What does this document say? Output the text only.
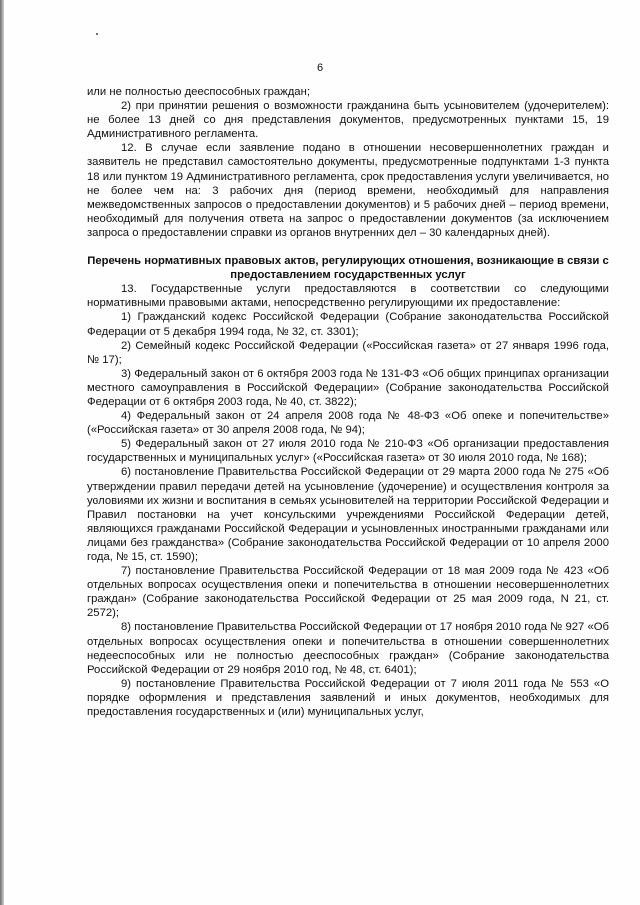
6

или не полностью дееспособных граждан;

2) при принятии решения о возможности гражданина быть усыновителем (удочерителем): не более 13 дней со дня представления документов, предусмотренных пунктами 15, 19 Административного регламента.

12. В случае если заявление подано в отношении несовершеннолетних граждан и заявитель не представил самостоятельно документы, предусмотренные подпунктами 1-3 пункта 18 или пунктом 19 Административного регламента, срок предоставления услуги увеличивается, но не более чем на: 3 рабочих дня (период времени, необходимый для направления межведомственных запросов о предоставлении документов) и 5 рабочих дней – период времени, необходимый для получения ответа на запрос о предоставлении документов (за исключением запроса о предоставлении справки из органов внутренних дел – 30 календарных дней).

Перечень нормативных правовых актов, регулирующих отношения, возникающие в связи с предоставлением государственных услуг

13. Государственные услуги предоставляются в соответствии со следующими нормативными правовыми актами, непосредственно регулирующими их предоставление:

1) Гражданский кодекс Российской Федерации (Собрание законодательства Российской Федерации от 5 декабря 1994 года, № 32, ст. 3301);

2) Семейный кодекс Российской Федерации («Российская газета» от 27 января 1996 года, № 17);

3) Федеральный закон от 6 октября 2003 года № 131-ФЗ «Об общих принципах организации местного самоуправления в Российской Федерации» (Собрание законодательства Российской Федерации от 6 октября 2003 года, № 40, ст. 3822);

4) Федеральный закон от 24 апреля 2008 года № 48-ФЗ «Об опеке и попечительстве» («Российская газета» от 30 апреля 2008 года, № 94);

5) Федеральный закон от 27 июля 2010 года № 210-ФЗ «Об организации предоставления государственных и муниципальных услуг» («Российская газета» от 30 июля 2010 года, № 168);

6) постановление Правительства Российской Федерации от 29 марта 2000 года № 275 «Об утверждении правил передачи детей на усыновление (удочерение) и осуществления контроля за условиями их жизни и воспитания в семьях усыновителей на территории Российской Федерации и Правил постановки на учет консульскими учреждениями Российской Федерации детей, являющихся гражданами Российской Федерации и усыновленных иностранными гражданами или лицами без гражданства» (Собрание законодательства Российской Федерации от 10 апреля 2000 года, № 15, ст. 1590);

7) постановление Правительства Российской Федерации от 18 мая 2009 года № 423 «Об отдельных вопросах осуществления опеки и попечительства в отношении несовершеннолетних граждан» (Собрание законодательства Российской Федерации от 25 мая 2009 года, N 21, ст. 2572);

8) постановление Правительства Российской Федерации от 17 ноября 2010 года № 927 «Об отдельных вопросах осуществления опеки и попечительства в отношении совершеннолетних недееспособных или не полностью дееспособных граждан» (Собрание законодательства Российской Федерации от 29 ноября 2010 год, № 48, ст. 6401);

9) постановление Правительства Российской Федерации от 7 июля 2011 года № 553 «О порядке оформления и представления заявлений и иных документов, необходимых для предоставления государственных и (или) муниципальных услуг,
